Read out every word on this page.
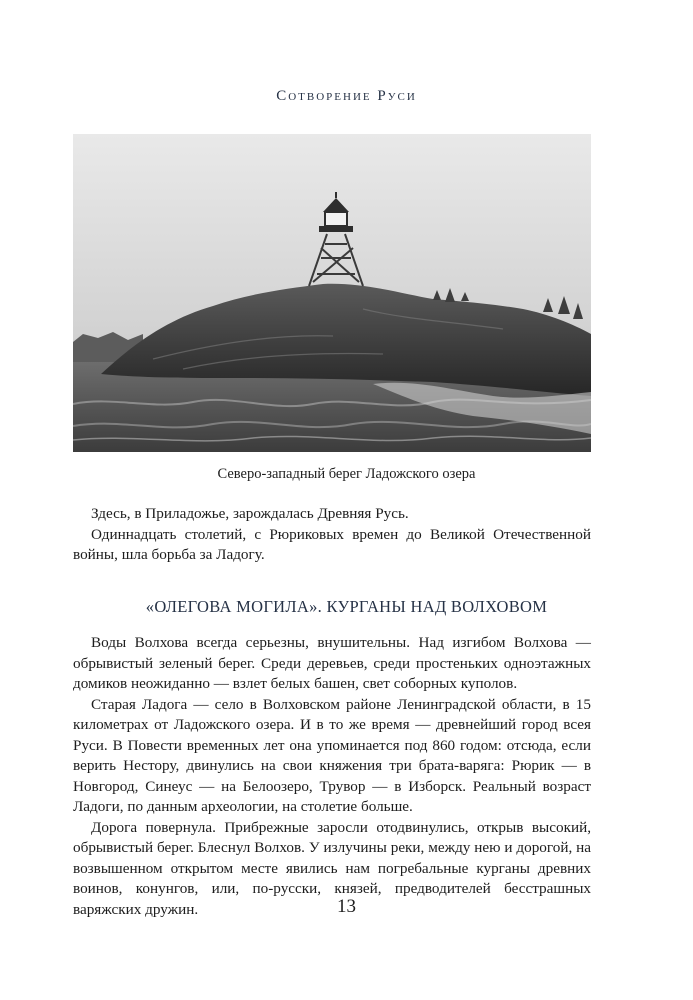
Сотворение Руси
Северо-западный берег Ладожского озера

Здесь, в Приладожье, зарождалась Древняя Русь.

Одиннадцать столетий, с Рюриковых времен до Великой Отечественной войны, шла борьба за Ладогу.

«ОЛЕГОВА МОГИЛА». КУРГАНЫ НАД ВОЛХОВОМ

Воды Волхова всегда серьезны, внушительны. Над изгибом Волхова — обрывистый зеленый берег. Среди деревьев, среди простенькиx одноэтажных домиков неожиданно — взлет белых башен, свет соборных куполов.

Старая Ладога — село в Волховском районе Ленинградской области, в 15 километрах от Ладожского озера. И в то же время — древнейший город всея Руси. В Повести временных лет она упоминается под 860 годом: отсюда, если верить Нестору, двинулись на свои княжения три брата-варяга: Рюрик — в Новгород, Синеус — на Белоозеро, Трувор — в Изборск. Реальный возраст Ладоги, по данным археологии, на столетие больше.

Дорога повернула. Прибрежные заросли отодвинулись, открыв высокий, обрывистый берег. Блеснул Волхов. У излучины реки, между нею и дорогой, на возвышенном открытом месте явились нам погребальные курганы древних воинов, конунгов, или, по-русски, князей, предводителей бесстрашных варяжских дружин.	13
